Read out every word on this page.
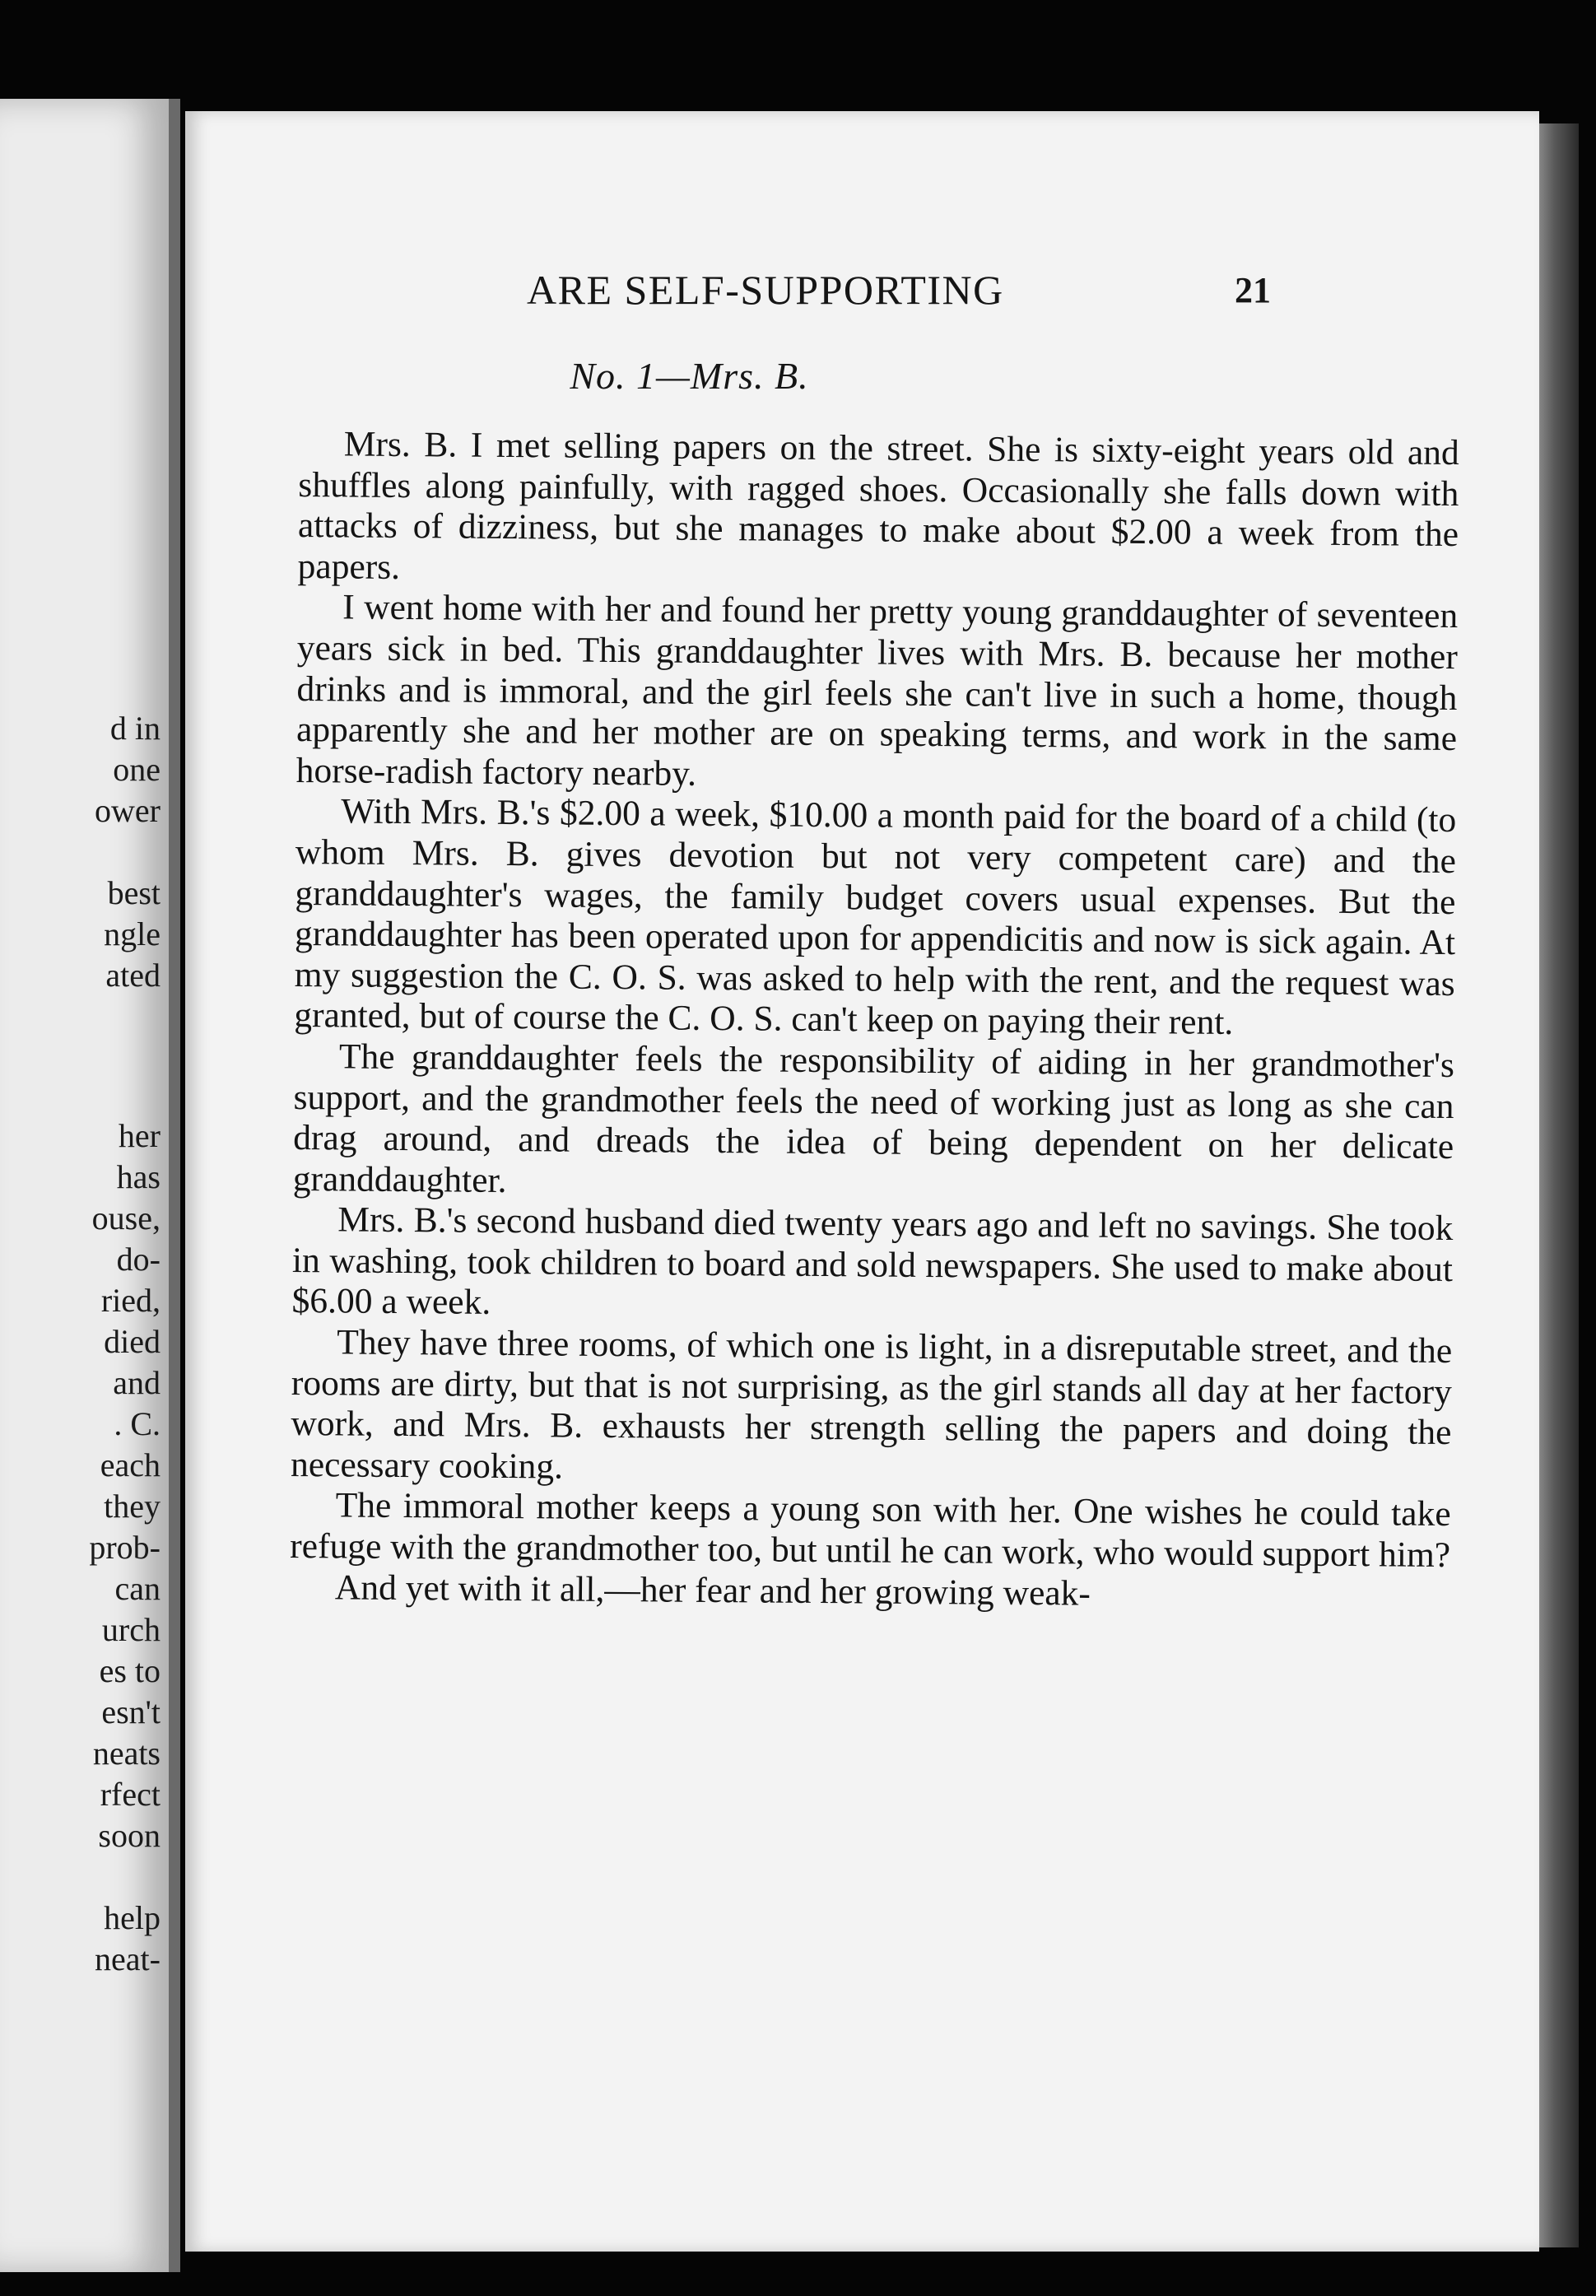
d in
one
ower
best
ngle
ated
her
has
ouse,
do-
ried,
died
and
. C.
each
they
prob-
can
urch
es to
esn't
neats
rfect
soon
help
neat-
ARE SELF-SUPPORTING	21
No. 1—Mrs. B.

Mrs. B. I met selling papers on the street. She is sixty-eight years old and shuffles along painfully, with ragged shoes. Occasionally she falls down with attacks of dizziness, but she manages to make about $2.00 a week from the papers.

I went home with her and found her pretty young granddaughter of seventeen years sick in bed. This granddaughter lives with Mrs. B. because her mother drinks and is immoral, and the girl feels she can't live in such a home, though apparently she and her mother are on speaking terms, and work in the same horse-radish factory nearby.

With Mrs. B.'s $2.00 a week, $10.00 a month paid for the board of a child (to whom Mrs. B. gives devotion but not very competent care) and the granddaughter's wages, the family budget covers usual expenses. But the granddaughter has been operated upon for appendicitis and now is sick again. At my suggestion the C. O. S. was asked to help with the rent, and the request was granted, but of course the C. O. S. can't keep on paying their rent.

The granddaughter feels the responsibility of aiding in her grandmother's support, and the grandmother feels the need of working just as long as she can drag around, and dreads the idea of being dependent on her delicate granddaughter.

Mrs. B.'s second husband died twenty years ago and left no savings. She took in washing, took children to board and sold newspapers. She used to make about $6.00 a week.

They have three rooms, of which one is light, in a disreputable street, and the rooms are dirty, but that is not surprising, as the girl stands all day at her factory work, and Mrs. B. exhausts her strength selling the papers and doing the necessary cooking.

The immoral mother keeps a young son with her. One wishes he could take refuge with the grandmother too, but until he can work, who would support him?

And yet with it all,—her fear and her growing weak-
